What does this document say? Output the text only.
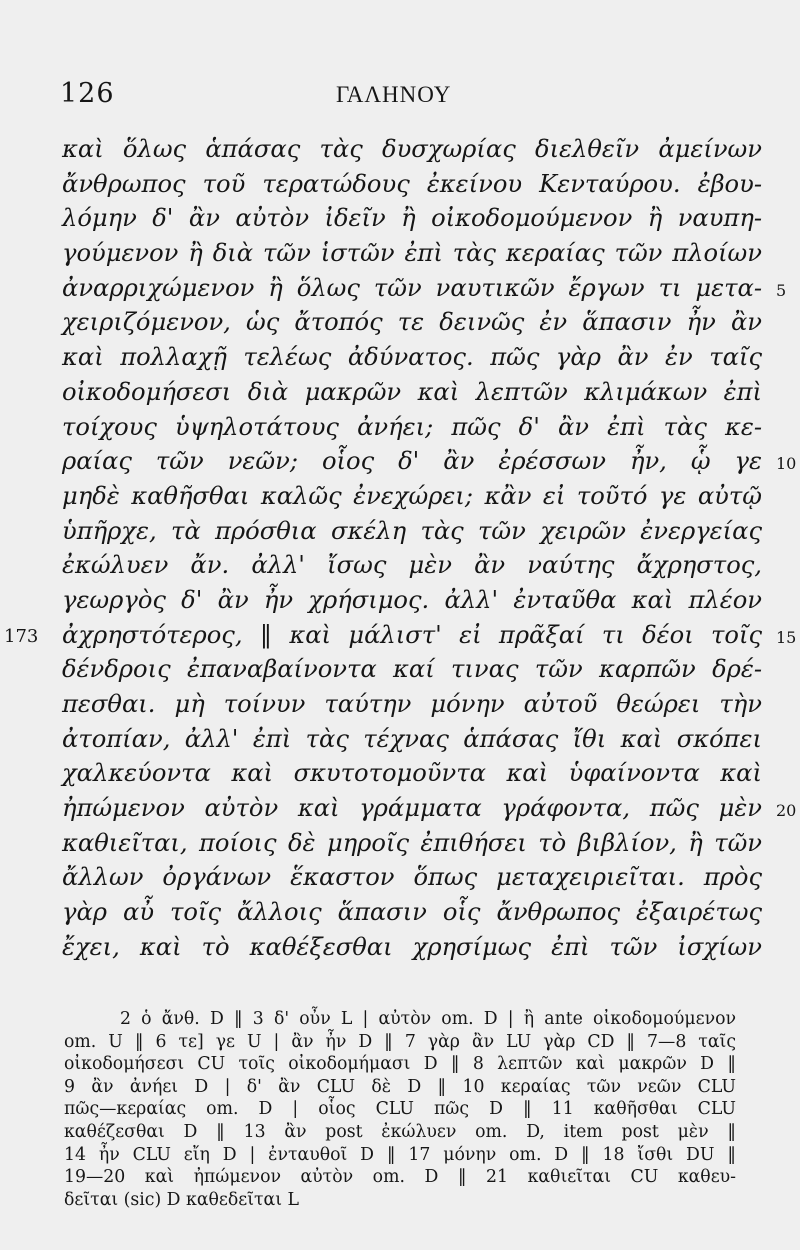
126	ΓΑΛΗΝΟΥ
καὶ ὅλως ἁπάσας τὰς δυσχωρίας διελθεῖν ἀμείνων
ἄνθρωπος τοῦ τερατώδους ἐκείνου Κενταύρου. ἐβου-
λόμην δ' ἂν αὐτὸν ἰδεῖν ἢ οἰκοδομούμενον ἢ ναυπη-
γούμενον ἢ διὰ τῶν ἱστῶν ἐπὶ τὰς κεραίας τῶν πλοίων
ἀναρριχώμενον ἢ ὅλως τῶν ναυτικῶν ἔργων τι μετα- 5
χειριζόμενον, ὡς ἄτοπός τε δεινῶς ἐν ἅπασιν ἦν ἂν
καὶ πολλαχῇ τελέως ἀδύνατος. πῶς γὰρ ἂν ἐν ταῖς
οἰκοδομήσεσι διὰ μακρῶν καὶ λεπτῶν κλιμάκων ἐπὶ
τοίχους ὑψηλοτάτους ἀνήει; πῶς δ' ἂν ἐπὶ τὰς κε-
ραίας τῶν νεῶν; οἷος δ' ἂν ἐρέσσων ἦν, ᾧ γε 10
μηδὲ καθῆσθαι καλῶς ἐνεχώρει; κἂν εἰ τοῦτό γε αὐτῷ
ὑπῆρχε, τὰ πρόσθια σκέλη τὰς τῶν χειρῶν ἐνεργείας
ἐκώλυεν ἄν. ἀλλ' ἴσως μὲν ἂν ναύτης ἄχρηστος,
γεωργὸς δ' ἂν ἦν χρήσιμος. ἀλλ' ἐνταῦθα καὶ πλέον
173 ἀχρηστότερος, ‖ καὶ μάλιστ' εἰ πρᾶξαί τι δέοι τοῖς 15
δένδροις ἐπαναβαίνοντα καί τινας τῶν καρπῶν δρέ-
πεσθαι. μὴ τοίνυν ταύτην μόνην αὐτοῦ θεώρει τὴν
ἀτοπίαν, ἀλλ' ἐπὶ τὰς τέχνας ἁπάσας ἴθι καὶ σκόπει
χαλκεύοντα καὶ σκυτοτομοῦντα καὶ ὑφαίνοντα καὶ
ἠπώμενον αὐτὸν καὶ γράμματα γράφοντα, πῶς μὲν 20
καθιεῖται, ποίοις δὲ μηροῖς ἐπιθήσει τὸ βιβλίον, ἢ τῶν
ἄλλων ὀργάνων ἕκαστον ὅπως μεταχειριεῖται. πρὸς
γὰρ αὖ τοῖς ἄλλοις ἅπασιν οἷς ἄνθρωπος ἐξαιρέτως
ἔχει, καὶ τὸ καθέξεσθαι χρησίμως ἐπὶ τῶν ἰσχίων
2 ὁ ἄνθ. D ‖ 3 δ' οὖν L | αὐτὸν om. D | ἢ ante οἰκοδομούμενον
om. U ‖ 6 τε] γε U | ἂν ἦν D ‖ 7 γὰρ ἂν LU γὰρ CD ‖ 7—8 ταῖς
οἰκοδομήσεσι CU τοῖς οἰκοδομήμασι D ‖ 8 λεπτῶν καὶ μακρῶν D ‖
9 ἂν ἀνήει D | δ' ἂν CLU δὲ D ‖ 10 κεραίας τῶν νεῶν CLU
πῶς—κεραίας om. D | οἷος CLU πῶς D ‖ 11 καθῆσθαι CLU
καθέζεσθαι D ‖ 13 ἂν post ἐκώλυεν om. D, item post μὲν ‖
14 ἦν CLU εἴη D | ἐνταυθοῖ D ‖ 17 μόνην om. D ‖ 18 ἴσθι DU ‖
19—20 καὶ ἠπώμενον αὐτὸν om. D ‖ 21 καθιεῖται CU καθευ-
δεῖται (sic) D καθεδεῖται L
